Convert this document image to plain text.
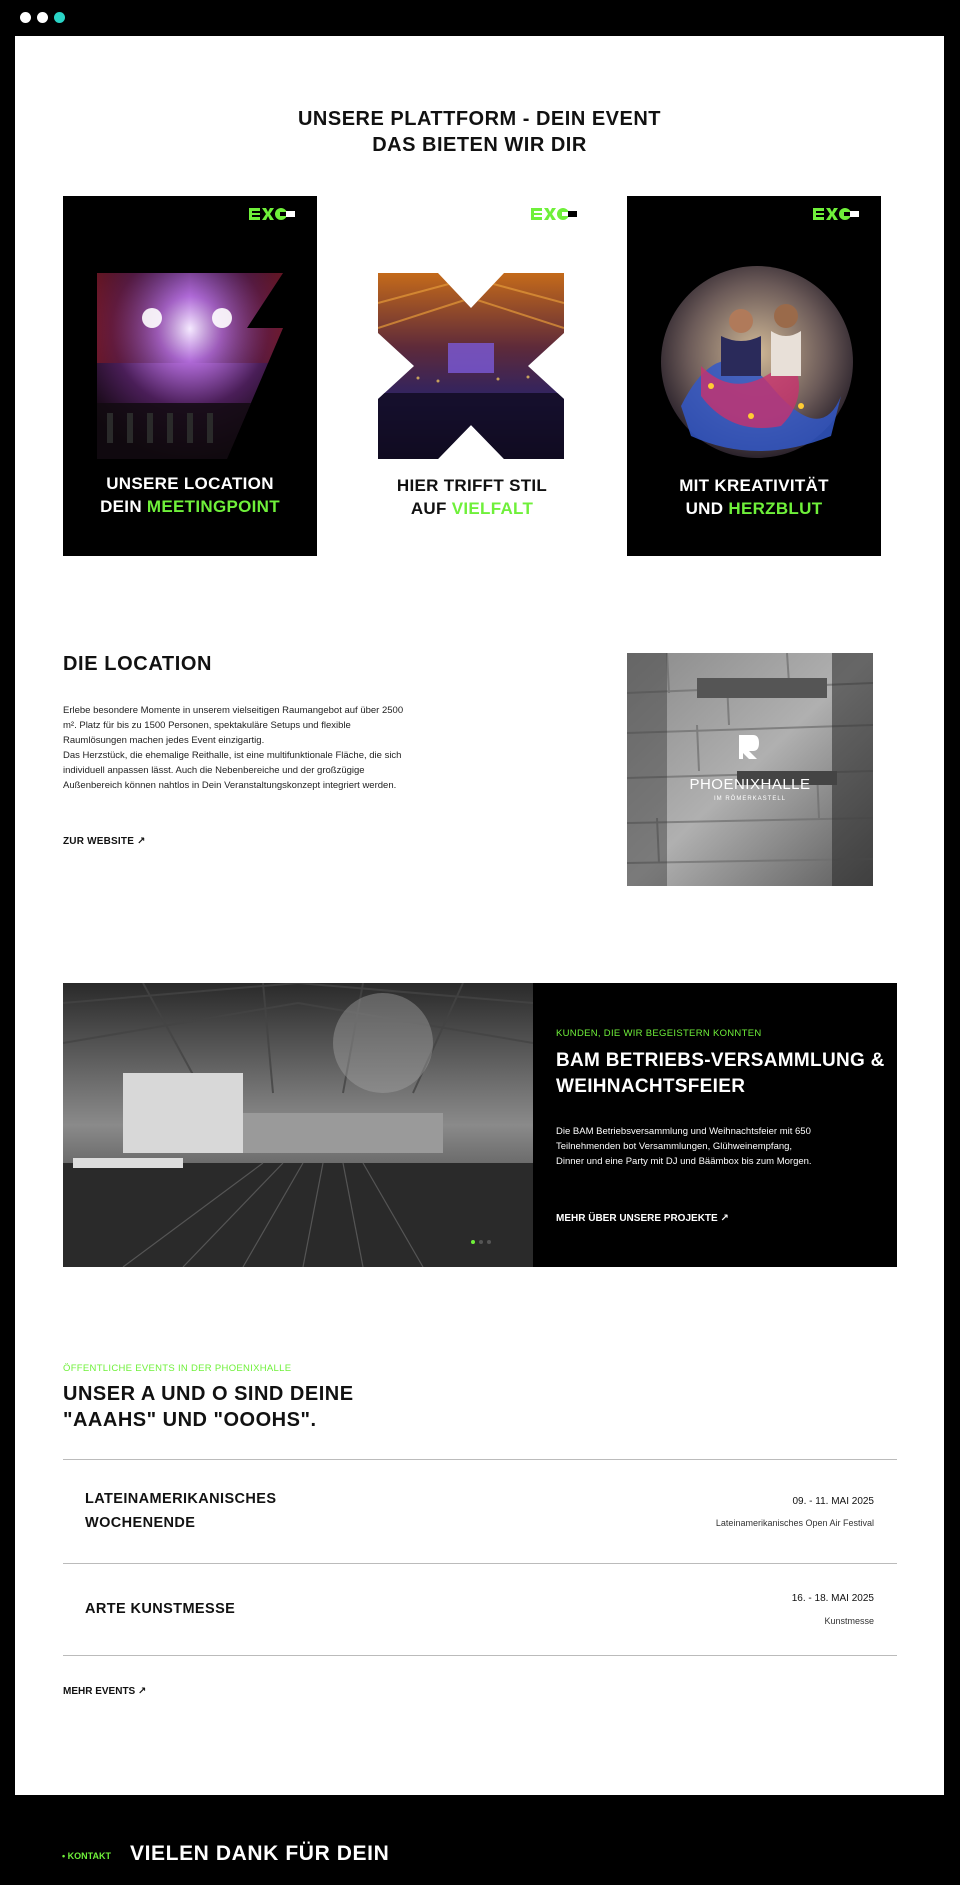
UNSERE PLATTFORM - DEIN EVENT
DAS BIETEN WIR DIR
UNSERE LOCATION
DEIN MEETINGPOINT
HIER TRIFFT STIL
AUF VIELFALT
MIT KREATIVITÄT
UND HERZBLUT
DIE LOCATION
Erlebe besondere Momente in unserem vielseitigen Raumangebot auf über 2500 m². Platz für bis zu 1500 Personen, spektakuläre Setups und flexible Raumlösungen machen jedes Event einzigartig.
Das Herzstück, die ehemalige Reithalle, ist eine multifunktionale Fläche, die sich individuell anpassen lässt. Auch die Nebenbereiche und der großzügige Außenbereich können nahtlos in Dein Veranstaltungskonzept integriert werden.
ZUR WEBSITE ↗
PHOENIXHALLE
IM RÖMERKASTELL
KUNDEN, DIE WIR BEGEISTERN KONNTEN
BAM BETRIEBS-VERSAMMLUNG & WEIHNACHTSFEIER
Die BAM Betriebsversammlung und Weihnachtsfeier mit 650 Teilnehmenden bot Versammlungen, Glühweinempfang, Dinner und eine Party mit DJ und Bäämbox bis zum Morgen.
MEHR ÜBER UNSERE PROJEKTE ↗
ÖFFENTLICHE EVENTS IN DER PHOENIXHALLE
UNSER A UND O SIND DEINE "AAAHS" UND "OOOHS".
LATEINAMERIKANISCHES WOCHENENDE
09. - 11. MAI 2025
Lateinamerikanisches Open Air Festival
ARTE KUNSTMESSE
16. - 18. MAI 2025
Kunstmesse
MEHR EVENTS ↗
• KONTAKT VIELEN DANK FÜR DEIN
